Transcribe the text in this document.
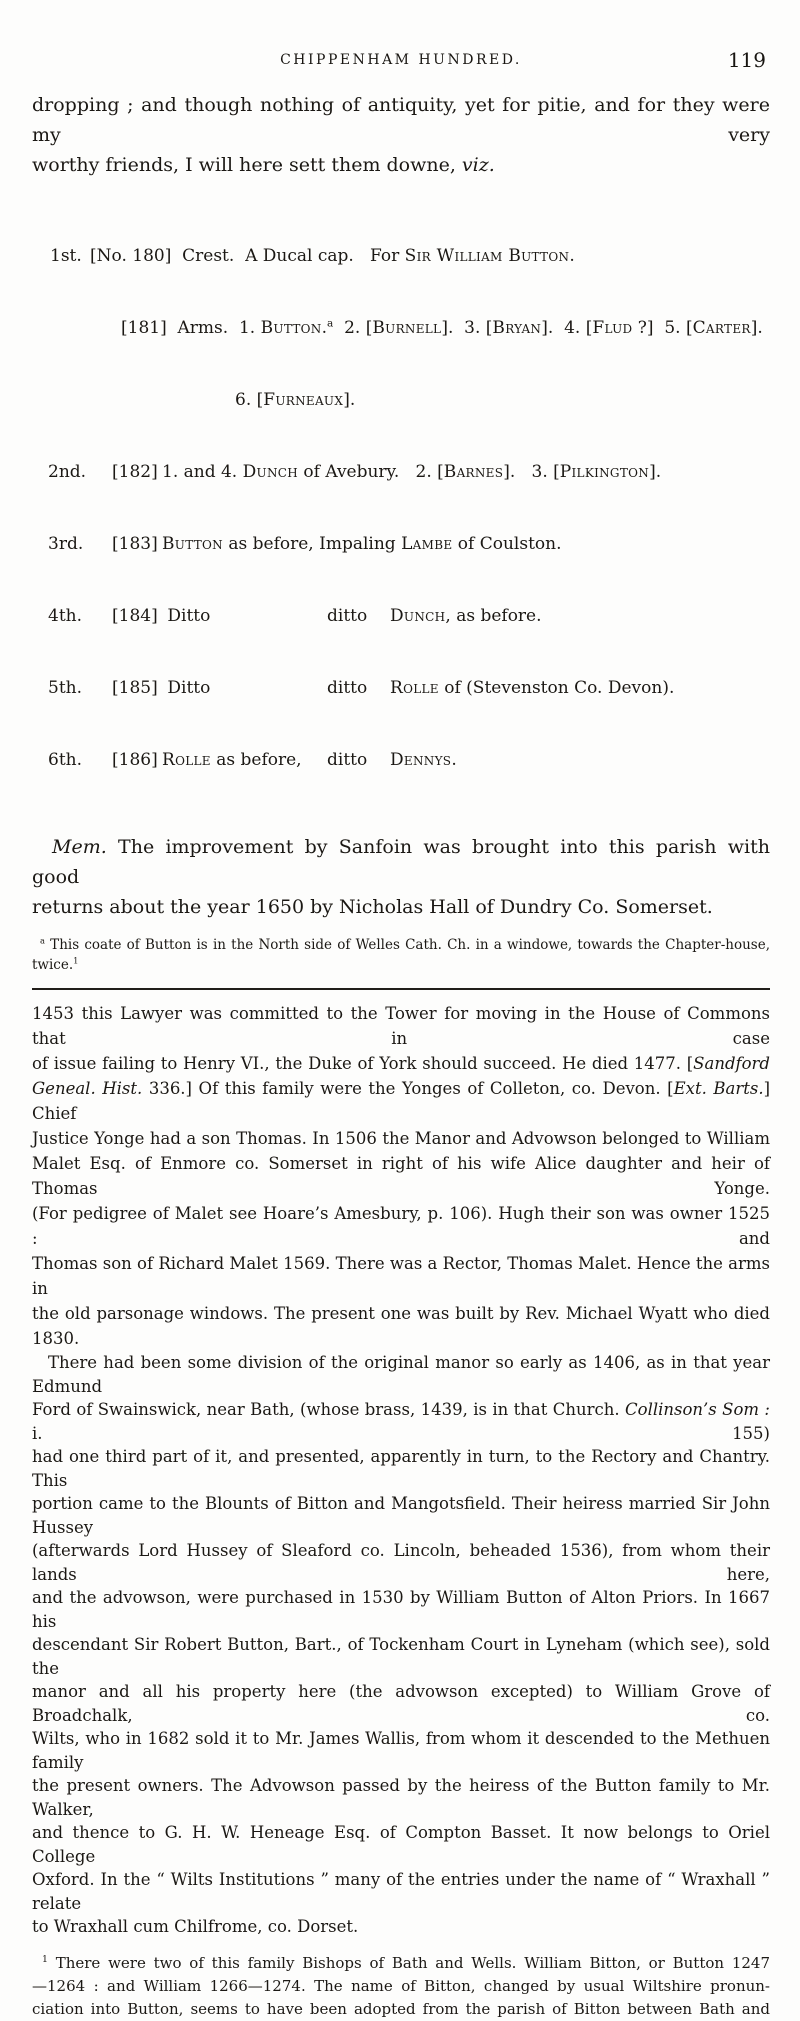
CHIPPENHAM HUNDRED.	119
dropping ; and though nothing of antiquity, yet for pitie, and for they were my very
worthy friends, I will here sett them downe, viz.

1st. [No. 180]  Crest.  A Ducal cap.   For Sir William Button.

[181]  Arms.  1. Button.$^a$  2. [Burnell].  3. [Bryan].  4. [Flud ?]  5. [Carter].

6. [Furneaux].

2nd.	[182] 1. and 4. Dunch of Avebury.   2. [Barnes].   3. [Pilkington].

3rd.	[183] Button as before, Impaling Lambe of Coulston.

4th.	[184] Ditto	ditto	Dunch, as before.

5th.	[185] Ditto	ditto	Rolle of (Stevenston Co. Devon).

6th.	[186] Rolle as before,	ditto	Dennys.

Mem. The improvement by Sanfoin was brought into this parish with good
returns about the year 1650 by Nicholas Hall of Dundry Co. Somerset.
$^a$ This coate of Button is in the North side of Welles Cath. Ch. in a windowe, towards the Chapter-house, twice.$^1$
1453 this Lawyer was committed to the Tower for moving in the House of Commons that in case
of issue failing to Henry VI., the Duke of York should succeed. He died 1477. [Sandford
Geneal. Hist. 336.] Of this family were the Yonges of Colleton, co. Devon. [Ext. Barts.] Chief
Justice Yonge had a son Thomas. In 1506 the Manor and Advowson belonged to William
Malet Esq. of Enmore co. Somerset in right of his wife Alice daughter and heir of Thomas Yonge.
(For pedigree of Malet see Hoare’s Amesbury, p. 106). Hugh their son was owner 1525 : and
Thomas son of Richard Malet 1569. There was a Rector, Thomas Malet. Hence the arms in
the old parsonage windows. The present one was built by Rev. Michael Wyatt who died 1830.
There had been some division of the original manor so early as 1406, as in that year Edmund
Ford of Swainswick, near Bath, (whose brass, 1439, is in that Church. Collinson’s Som : i. 155)
had one third part of it, and presented, apparently in turn, to the Rectory and Chantry. This
portion came to the Blounts of Bitton and Mangotsfield. Their heiress married Sir John Hussey
(afterwards Lord Hussey of Sleaford co. Lincoln, beheaded 1536), from whom their lands here,
and the advowson, were purchased in 1530 by William Button of Alton Priors. In 1667 his
descendant Sir Robert Button, Bart., of Tockenham Court in Lyneham (which see), sold the
manor and all his property here (the advowson excepted) to William Grove of Broadchalk, co.
Wilts, who in 1682 sold it to Mr. James Wallis, from whom it descended to the Methuen family
the present owners. The Advowson passed by the heiress of the Button family to Mr. Walker,
and thence to G. H. W. Heneage Esq. of Compton Basset. It now belongs to Oriel College
Oxford. In the “ Wilts Institutions ” many of the entries under the name of “ Wraxhall ” relate
to Wraxhall cum Chilfrome, co. Dorset.
$^1$ There were two of this family Bishops of Bath and Wells. William Bitton, or Button 1247
—1264 : and William 1266—1274. The name of Bitton, changed by usual Wiltshire pronun-
ciation into Button, seems to have been adopted from the parish of Bitton between Bath and
